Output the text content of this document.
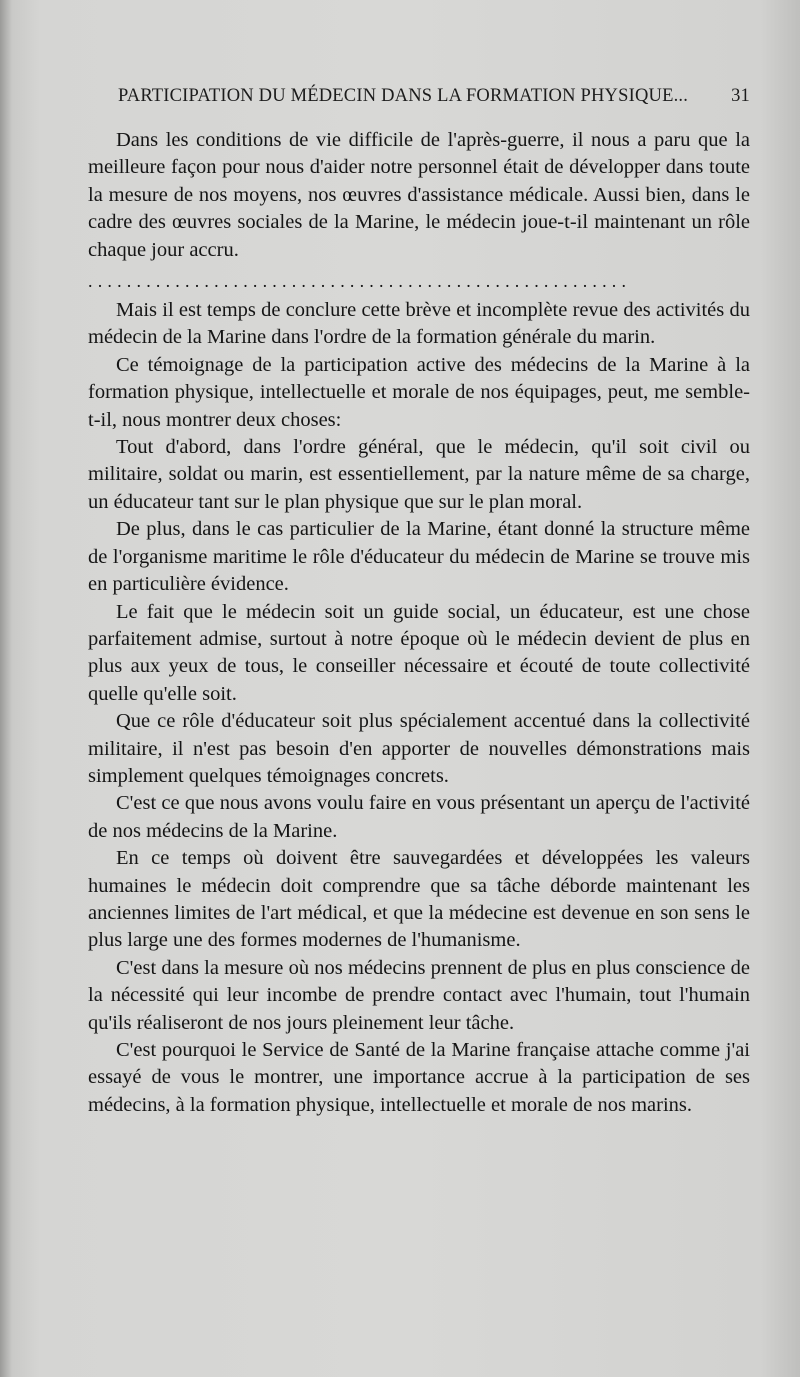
PARTICIPATION DU MÉDECIN DANS LA FORMATION PHYSIQUE... 31

Dans les conditions de vie difficile de l'après-guerre, il nous a paru que la meilleure façon pour nous d'aider notre personnel était de développer dans toute la mesure de nos moyens, nos œuvres d'assistance médicale. Aussi bien, dans le cadre des œuvres sociales de la Marine, le médecin joue-t-il maintenant un rôle chaque jour accru.

........................................................

Mais il est temps de conclure cette brève et incomplète revue des activités du médecin de la Marine dans l'ordre de la formation générale du marin.

Ce témoignage de la participation active des médecins de la Marine à la formation physique, intellectuelle et morale de nos équipages, peut, me semble-t-il, nous montrer deux choses:

Tout d'abord, dans l'ordre général, que le médecin, qu'il soit civil ou militaire, soldat ou marin, est essentiellement, par la nature même de sa charge, un éducateur tant sur le plan physique que sur le plan moral.

De plus, dans le cas particulier de la Marine, étant donné la structure même de l'organisme maritime le rôle d'éducateur du médecin de Marine se trouve mis en particulière évidence.

Le fait que le médecin soit un guide social, un éducateur, est une chose parfaitement admise, surtout à notre époque où le médecin devient de plus en plus aux yeux de tous, le conseiller nécessaire et écouté de toute collectivité quelle qu'elle soit.

Que ce rôle d'éducateur soit plus spécialement accentué dans la collectivité militaire, il n'est pas besoin d'en apporter de nouvelles démonstrations mais simplement quelques témoignages concrets.

C'est ce que nous avons voulu faire en vous présentant un aperçu de l'activité de nos médecins de la Marine.

En ce temps où doivent être sauvegardées et développées les valeurs humaines le médecin doit comprendre que sa tâche déborde maintenant les anciennes limites de l'art médical, et que la médecine est devenue en son sens le plus large une des formes modernes de l'humanisme.

C'est dans la mesure où nos médecins prennent de plus en plus conscience de la nécessité qui leur incombe de prendre contact avec l'humain, tout l'humain qu'ils réaliseront de nos jours pleinement leur tâche.

C'est pourquoi le Service de Santé de la Marine française attache comme j'ai essayé de vous le montrer, une importance accrue à la participation de ses médecins, à la formation physique, intellectuelle et morale de nos marins.
